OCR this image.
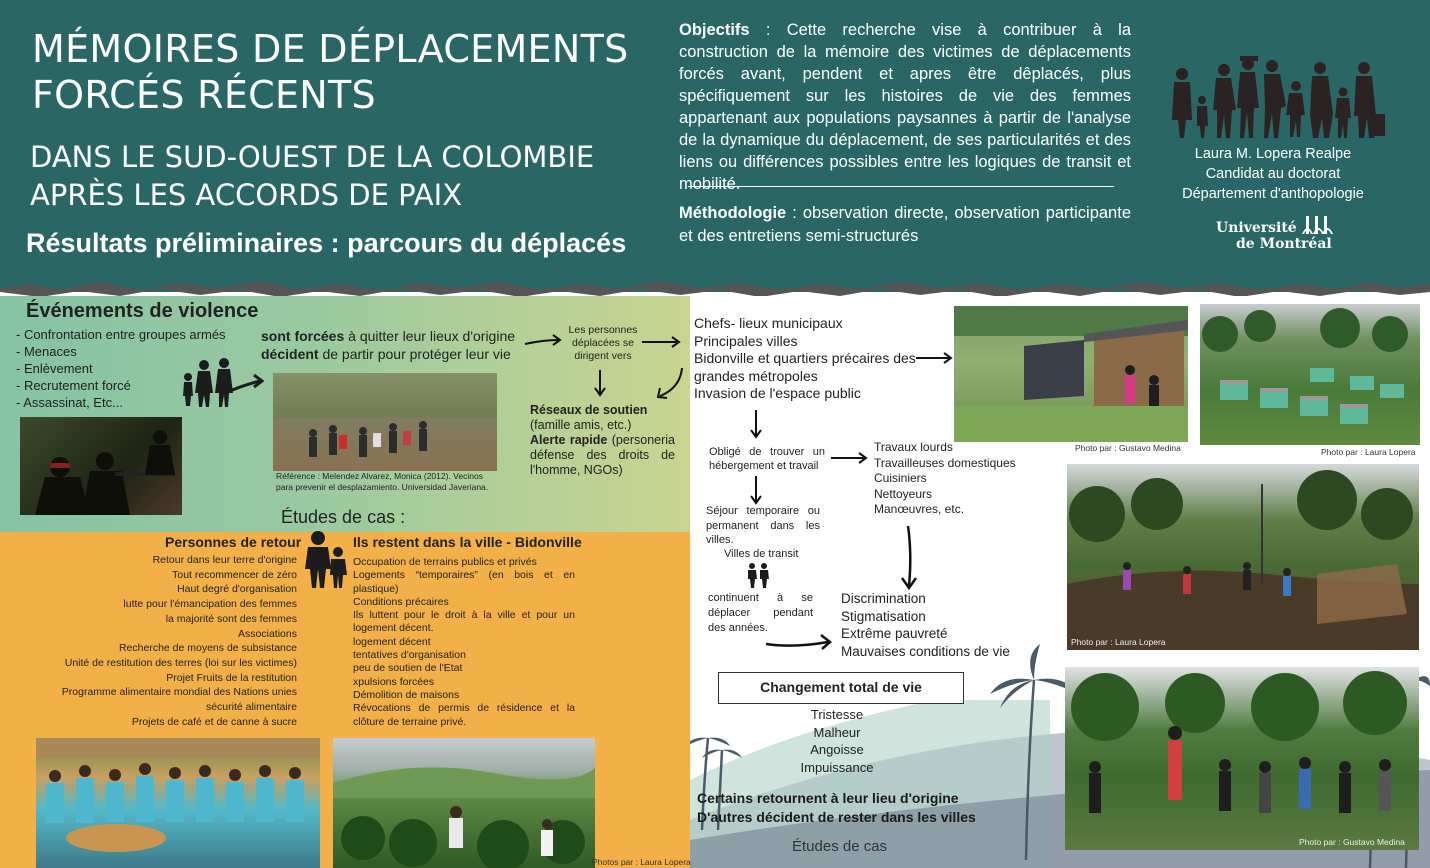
MÉMOIRES DE DÉPLACEMENTS
FORCÉS RÉCENTS
DANS LE SUD-OUEST DE LA COLOMBIE
APRÈS LES ACCORDS DE PAIX
Résultats préliminaires : parcours du déplacés
Objectifs : Cette recherche vise à contribuer à la construction de la mémoire des victimes de déplacements forcés avant, pendent et apres être dêplacés, plus spécifiquement sur les histoires de vie des femmes appartenant aux populations paysannes à partir de l'analyse de la dynamique du déplacement, de ses particularités et des liens ou différences possibles entre les logiques de transit et mobilité.
Méthodologie : observation directe, observation participante et des entretiens semi-structurés
Laura M. Lopera Realpe
Candidat au doctorat
Département d'anthopologie
Université
de Montréal
Événements de violence
- Confrontation entre groupes armés
- Menaces
- Enlèvement
- Recrutement forcé
- Assassinat, Etc...
sont forcées à quitter leur lieux d'origine
décident de partir pour protéger leur vie
Les personnes déplacées se dirigent vers
Référence : Melendez Alvarez, Monica (2012). Vecinos para prevenir el desplazamiento. Universidad Javeriana.
Réseaux de soutien
(famille amis, etc.)
Alerte rapide (personeria défense des droits de l'homme, NGOs)
Études de cas :
Personnes de retour
Retour dans leur terre d'origine
Tout recommencer de zéro
Haut degré d'organisation
lutte pour l'émancipation des femmes
la majorité sont des femmes
Associations
Recherche de moyens de subsistance
Unité de restitution des terres (loi sur les victimes)
Projet Fruits de la restitution
Programme alimentaire mondial des Nations unies
sécurité alimentaire
Projets de café et de canne à sucre
Ils restent dans la ville - Bidonville
Occupation de terrains publics et privés
Logements “temporaires” (en bois et en plastique)
Conditions précaires
Ils luttent pour le droit à la ville et pour un logement décent.
logement décent
tentatives d'organisation
peu de soutien de l'Etat
xpulsions forcées
Démolition de maisons
Révocations de permis de résidence et la clôture de terraine privé.
Photos par : Laura Lopera
Chefs- lieux municipaux
Principales villes
Bidonville et quartiers précaires des
grandes métropoles
Invasion de l'espace public
Obligé de trouver un hébergement et travail
Travaux lourds
Travailleuses domestiques
Cuisiniers
Nettoyeurs
Manœuvres, etc.
Séjour temporaire ou permanent dans les villes.
Villes de transit
continuent à se déplacer pendant des années.
Discrimination
Stigmatisation
Extrême pauvreté
Mauvaises conditions de vie
Changement total de vie
Tristesse
Malheur
Angoisse
Impuissance
Certains retournent à leur lieu d'origine
D'autres décident de rester dans les villes
Études de cas
Photo par : Gustavo Medina	Photo par : Laura Lopera
Photo par : Laura Lopera
Photo par : Gustavo Medina
